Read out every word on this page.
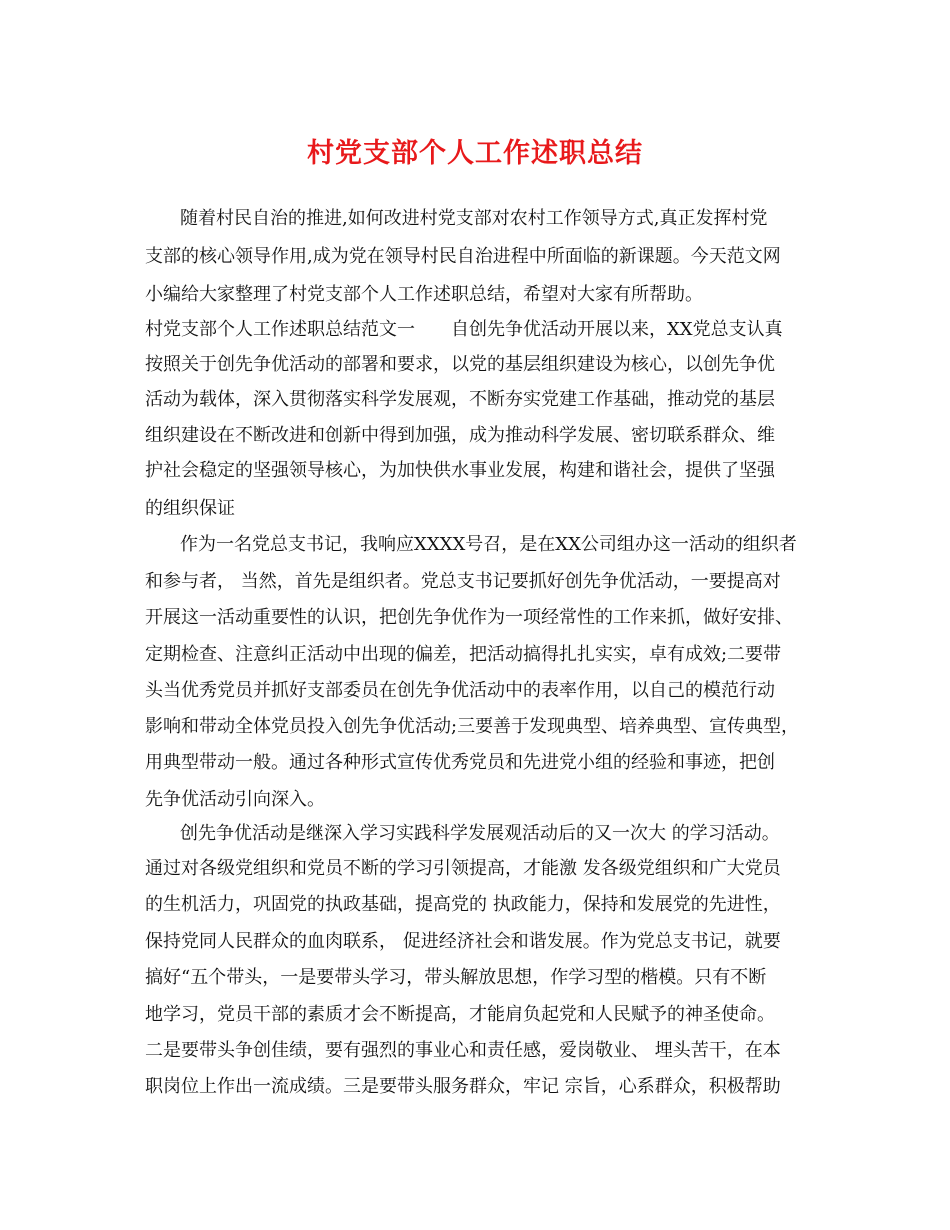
村党支部个人工作述职总结
随着村民自治的推进,如何改进村党支部对农村工作领导方式,真正发挥村党
支部的核心领导作用,成为党在领导村民自治进程中所面临的新课题。今天范文网
小编给大家整理了村党支部个人工作述职总结，希望对大家有所帮助。
村党支部个人工作述职总结范文一　　自创先争优活动开展以来，XX党总支认真
按照关于创先争优活动的部署和要求，以党的基层组织建设为核心，以创先争优
活动为载体，深入贯彻落实科学发展观，不断夯实党建工作基础，推动党的基层
组织建设在不断改进和创新中得到加强，成为推动科学发展、密切联系群众、维
护社会稳定的坚强领导核心，为加快供水事业发展，构建和谐社会，提供了坚强
的组织保证
作为一名党总支书记，我响应XXXX号召，是在XX公司组办这一活动的组织者
和参与者， 当然，首先是组织者。党总支书记要抓好创先争优活动，一要提高对
开展这一活动重要性的认识，把创先争优作为一项经常性的工作来抓，做好安排、
定期检查、注意纠正活动中出现的偏差，把活动搞得扎扎实实，卓有成效;二要带
头当优秀党员并抓好支部委员在创先争优活动中的表率作用，以自己的模范行动
影响和带动全体党员投入创先争优活动;三要善于发现典型、培养典型、宣传典型，
用典型带动一般。通过各种形式宣传优秀党员和先进党小组的经验和事迹，把创
先争优活动引向深入。
创先争优活动是继深入学习实践科学发展观活动后的又一次大 的学习活动。
通过对各级党组织和党员不断的学习引领提高，才能激 发各级党组织和广大党员
的生机活力，巩固党的执政基础，提高党的 执政能力，保持和发展党的先进性，
保持党同人民群众的血肉联系， 促进经济社会和谐发展。作为党总支书记，就要
搞好“五个带头，一是要带头学习，带头解放思想，作学习型的楷模。只有不断
地学习，党员干部的素质才会不断提高，才能肩负起党和人民赋予的神圣使命。
二是要带头争创佳绩，要有强烈的事业心和责任感，爱岗敬业、 埋头苦干，在本
职岗位上作出一流成绩。三是要带头服务群众，牢记 宗旨，心系群众，积极帮助
